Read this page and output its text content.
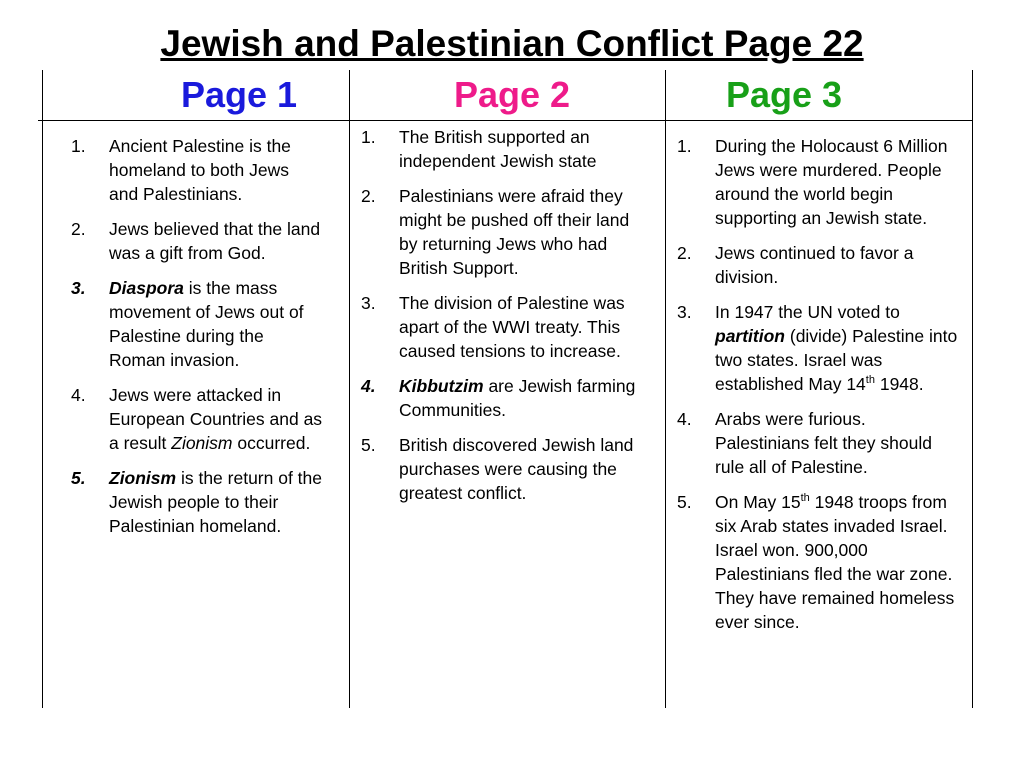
Jewish and Palestinian Conflict Page 22
Page 1	Page 2	Page 3
1. Ancient Palestine is the homeland to both Jews and Palestinians.
2. Jews believed that the land was a gift from God.
3. Diaspora is the mass movement of Jews out of Palestine during the Roman invasion.
4. Jews were attacked in European Countries and as a result Zionism occurred.
5. Zionism is the return of the Jewish people to their Palestinian homeland.
1. The British supported an independent Jewish state
2. Palestinians were afraid they might be pushed off their land by returning Jews who had British Support.
3. The division of Palestine was apart of the WWI treaty. This caused tensions to increase.
4. Kibbutzim are Jewish farming Communities.
5. British discovered Jewish land purchases were causing the greatest conflict.
1. During the Holocaust 6 Million Jews were murdered. People around the world begin supporting an Jewish state.
2. Jews continued to favor a division.
3. In 1947 the UN voted to partition (divide) Palestine into two states. Israel was established May 14th 1948.
4. Arabs were furious. Palestinians felt they should rule all of Palestine.
5. On May 15th 1948 troops from six Arab states invaded Israel. Israel won. 900,000 Palestinians fled the war zone. They have remained homeless ever since.
